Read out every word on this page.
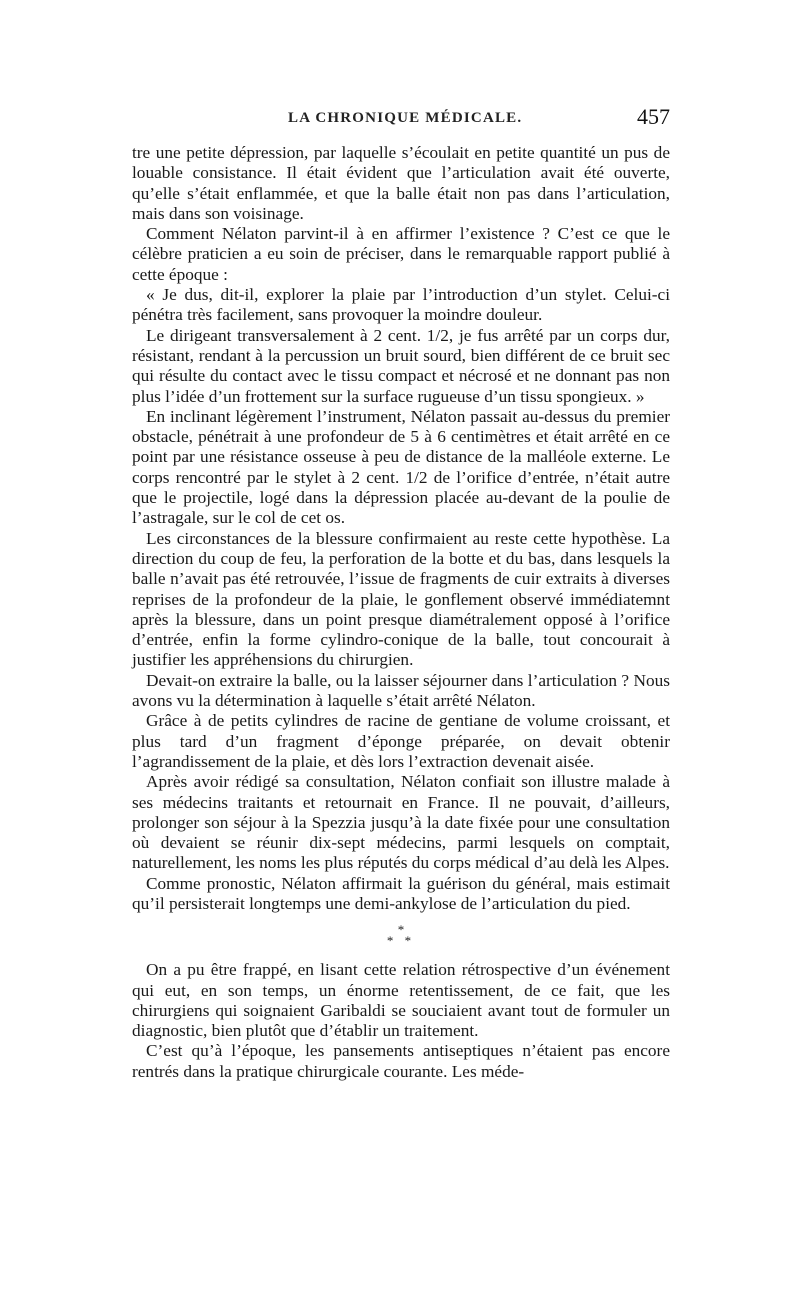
LA CHRONIQUE MÉDICALE.	457

tre une petite dépression, par laquelle s’écoulait en petite quantité un pus de louable consistance. Il était évident que l’articulation avait été ouverte, qu’elle s’était enflammée, et que la balle était non pas dans l’articulation, mais dans son voisinage.

Comment Nélaton parvint-il à en affirmer l’existence ? C’est ce que le célèbre praticien a eu soin de préciser, dans le remarquable rapport publié à cette époque :

« Je dus, dit-il, explorer la plaie par l’introduction d’un stylet. Celui-ci pénétra très facilement, sans provoquer la moindre douleur.

Le dirigeant transversalement à 2 cent. 1/2, je fus arrêté par un corps dur, résistant, rendant à la percussion un bruit sourd, bien différent de ce bruit sec qui résulte du contact avec le tissu compact et nécrosé et ne donnant pas non plus l’idée d’un frottement sur la surface rugueuse d’un tissu spongieux. »

En inclinant légèrement l’instrument, Nélaton passait au-dessus du premier obstacle, pénétrait à une profondeur de 5 à 6 centimètres et était arrêté en ce point par une résistance osseuse à peu de distance de la malléole externe. Le corps rencontré par le stylet à 2 cent. 1/2 de l’orifice d’entrée, n’était autre que le projectile, logé dans la dépression placée au-devant de la poulie de l’astragale, sur le col de cet os.

Les circonstances de la blessure confirmaient au reste cette hypothèse. La direction du coup de feu, la perforation de la botte et du bas, dans lesquels la balle n’avait pas été retrouvée, l’issue de fragments de cuir extraits à diverses reprises de la profondeur de la plaie, le gonflement observé immédiatemnt après la blessure, dans un point presque diamétralement opposé à l’orifice d’entrée, enfin la forme cylindro-conique de la balle, tout concourait à justifier les appréhensions du chirurgien.

Devait-on extraire la balle, ou la laisser séjourner dans l’articulation ? Nous avons vu la détermination à laquelle s’était arrêté Nélaton.

Grâce à de petits cylindres de racine de gentiane de volume croissant, et plus tard d’un fragment d’éponge préparée, on devait obtenir l’agrandissement de la plaie, et dès lors l’extraction devenait aisée.

Après avoir rédigé sa consultation, Nélaton confiait son illustre malade à ses médecins traitants et retournait en France. Il ne pouvait, d’ailleurs, prolonger son séjour à la Spezzia jusqu’à la date fixée pour une consultation où devaient se réunir dix-sept médecins, parmi lesquels on comptait, naturellement, les noms les plus réputés du corps médical d’au delà les Alpes.

Comme pronostic, Nélaton affirmait la guérison du général, mais estimait qu’il persisterait longtemps une demi-ankylose de l’articulation du pied.

*
* *

On a pu être frappé, en lisant cette relation rétrospective d’un événement qui eut, en son temps, un énorme retentissement, de ce fait, que les chirurgiens qui soignaient Garibaldi se souciaient avant tout de formuler un diagnostic, bien plutôt que d’établir un traitement.

C’est qu’à l’époque, les pansements antiseptiques n’étaient pas encore rentrés dans la pratique chirurgicale courante. Les méde-
